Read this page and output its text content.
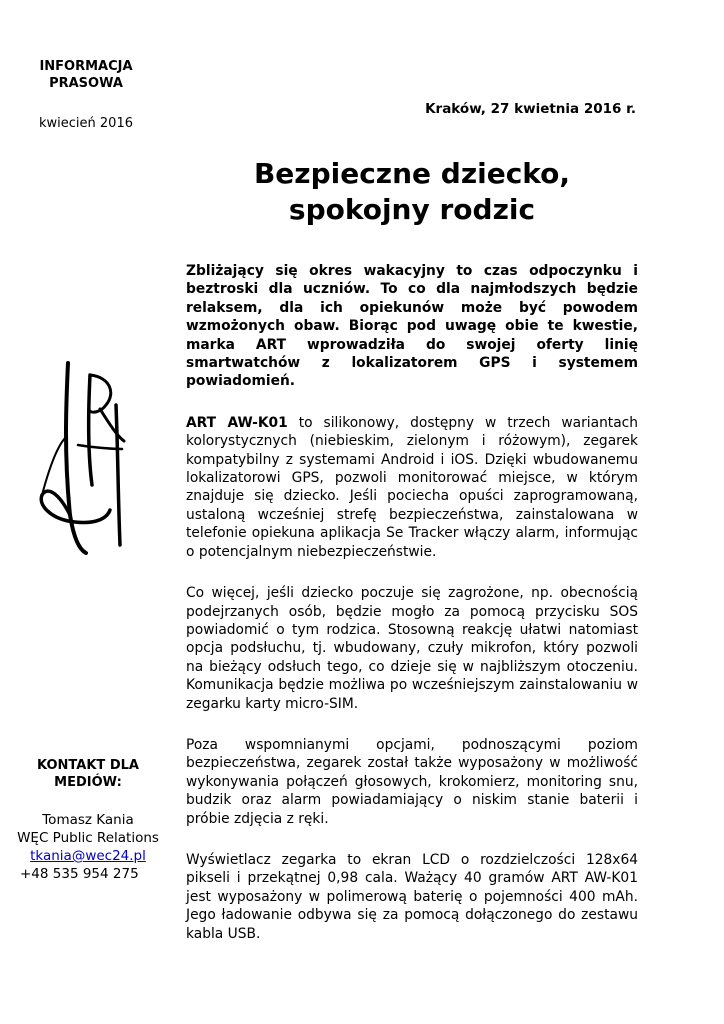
INFORMACJA
PRASOWA
kwiecień 2016
Kraków, 27 kwietnia 2016 r.
Bezpieczne dziecko,
spokojny rodzic

Zbliżający się okres wakacyjny to czas odpoczynku i beztroski dla uczniów. To co dla najmłodszych będzie relaksem, dla ich opiekunów może być powodem wzmożonych obaw. Biorąc pod uwagę obie te kwestie, marka ART wprowadziła do swojej oferty linię smartwatchów z lokalizatorem GPS i systemem powiadomień.

ART AW-K01 to silikonowy, dostępny w trzech wariantach kolorystycznych (niebieskim, zielonym i różowym), zegarek kompatybilny z systemami Android i iOS. Dzięki wbudowanemu lokalizatorowi GPS, pozwoli monitorować miejsce, w którym znajduje się dziecko. Jeśli pociecha opuści zaprogramowaną, ustaloną wcześniej strefę bezpieczeństwa, zainstalowana w telefonie opiekuna aplikacja Se Tracker włączy alarm, informując o potencjalnym niebezpieczeństwie.

Co więcej, jeśli dziecko poczuje się zagrożone, np. obecnością podejrzanych osób, będzie mogło za pomocą przycisku SOS powiadomić o tym rodzica. Stosowną reakcję ułatwi natomiast opcja podsłuchu, tj. wbudowany, czuły mikrofon, który pozwoli na bieżący odsłuch tego, co dzieje się w najbliższym otoczeniu. Komunikacja będzie możliwa po wcześniejszym zainstalowaniu w zegarku karty micro-SIM.

Poza wspomnianymi opcjami, podnoszącymi poziom bezpieczeństwa, zegarek został także wyposażony w możliwość wykonywania połączeń głosowych, krokomierz, monitoring snu, budzik oraz alarm powiadamiający o niskim stanie baterii i próbie zdjęcia z ręki.

Wyświetlacz zegarka to ekran LCD o rozdzielczości 128x64 pikseli i przekątnej 0,98 cala. Ważący 40 gramów ART AW-K01 jest wyposażony w polimerową baterię o pojemności 400 mAh. Jego ładowanie odbywa się za pomocą dołączonego do zestawu kabla USB.

KONTAKT DLA
MEDIÓW:
Tomasz Kania
WĘC Public Relations
tkania@wec24.pl
+48 535 954 275
